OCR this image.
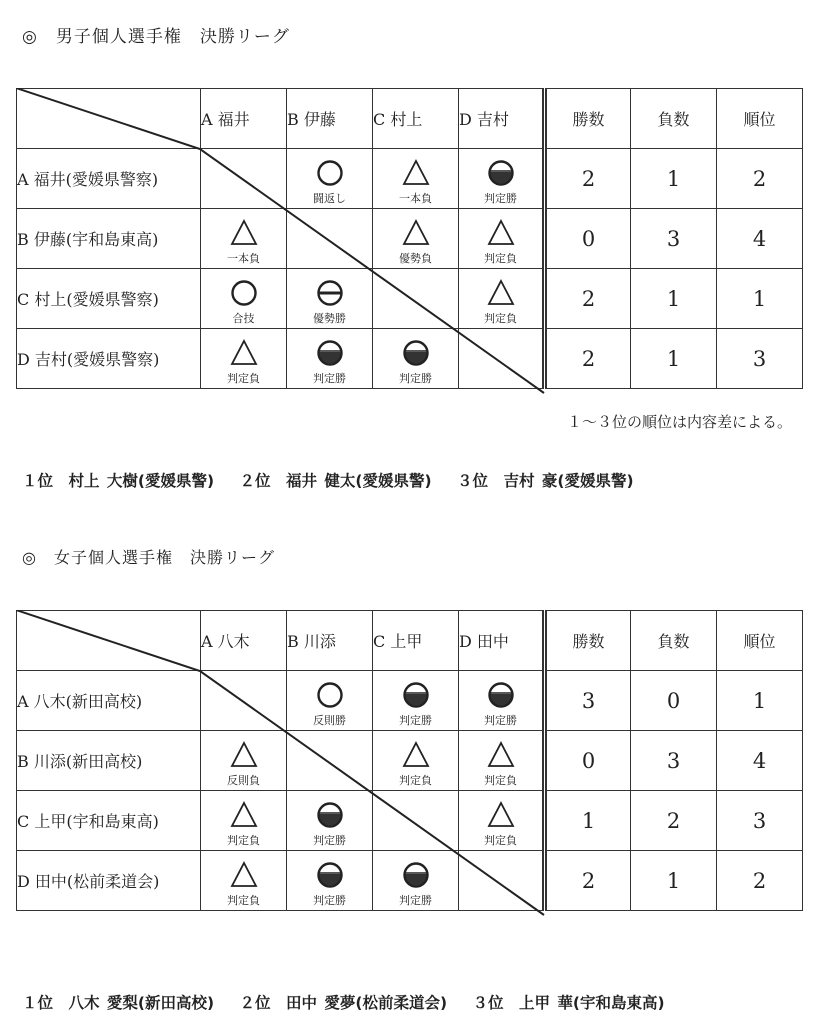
◎　男子個人選手権　決勝リーグ
	A 福井	B 伊藤	C 村上	D 吉村	勝数	負数	順位
A 福井(愛媛県警察)		闘返し	一本負	判定勝	2	1	2
B 伊藤(宇和島東高)	一本負		優勢負	判定負	0	3	4
C 村上(愛媛県警察)	合技	優勢勝		判定負	2	1	1
D 吉村(愛媛県警察)	判定負	判定勝	判定勝		2	1	3
１～３位の順位は内容差による。
１位　村上 大樹(愛媛県警) ２位　福井 健太(愛媛県警) ３位　吉村 豪(愛媛県警)
◎　女子個人選手権　決勝リーグ
	A 八木	B 川添	C 上甲	D 田中	勝数	負数	順位
A 八木(新田高校)		反則勝	判定勝	判定勝	3	0	1
B 川添(新田高校)	反則負		判定負	判定負	0	3	4
C 上甲(宇和島東高)	判定負	判定勝		判定負	1	2	3
D 田中(松前柔道会)	判定負	判定勝	判定勝		2	1	2
１位　八木 愛梨(新田高校) ２位　田中 愛夢(松前柔道会) ３位　上甲 華(宇和島東高)
